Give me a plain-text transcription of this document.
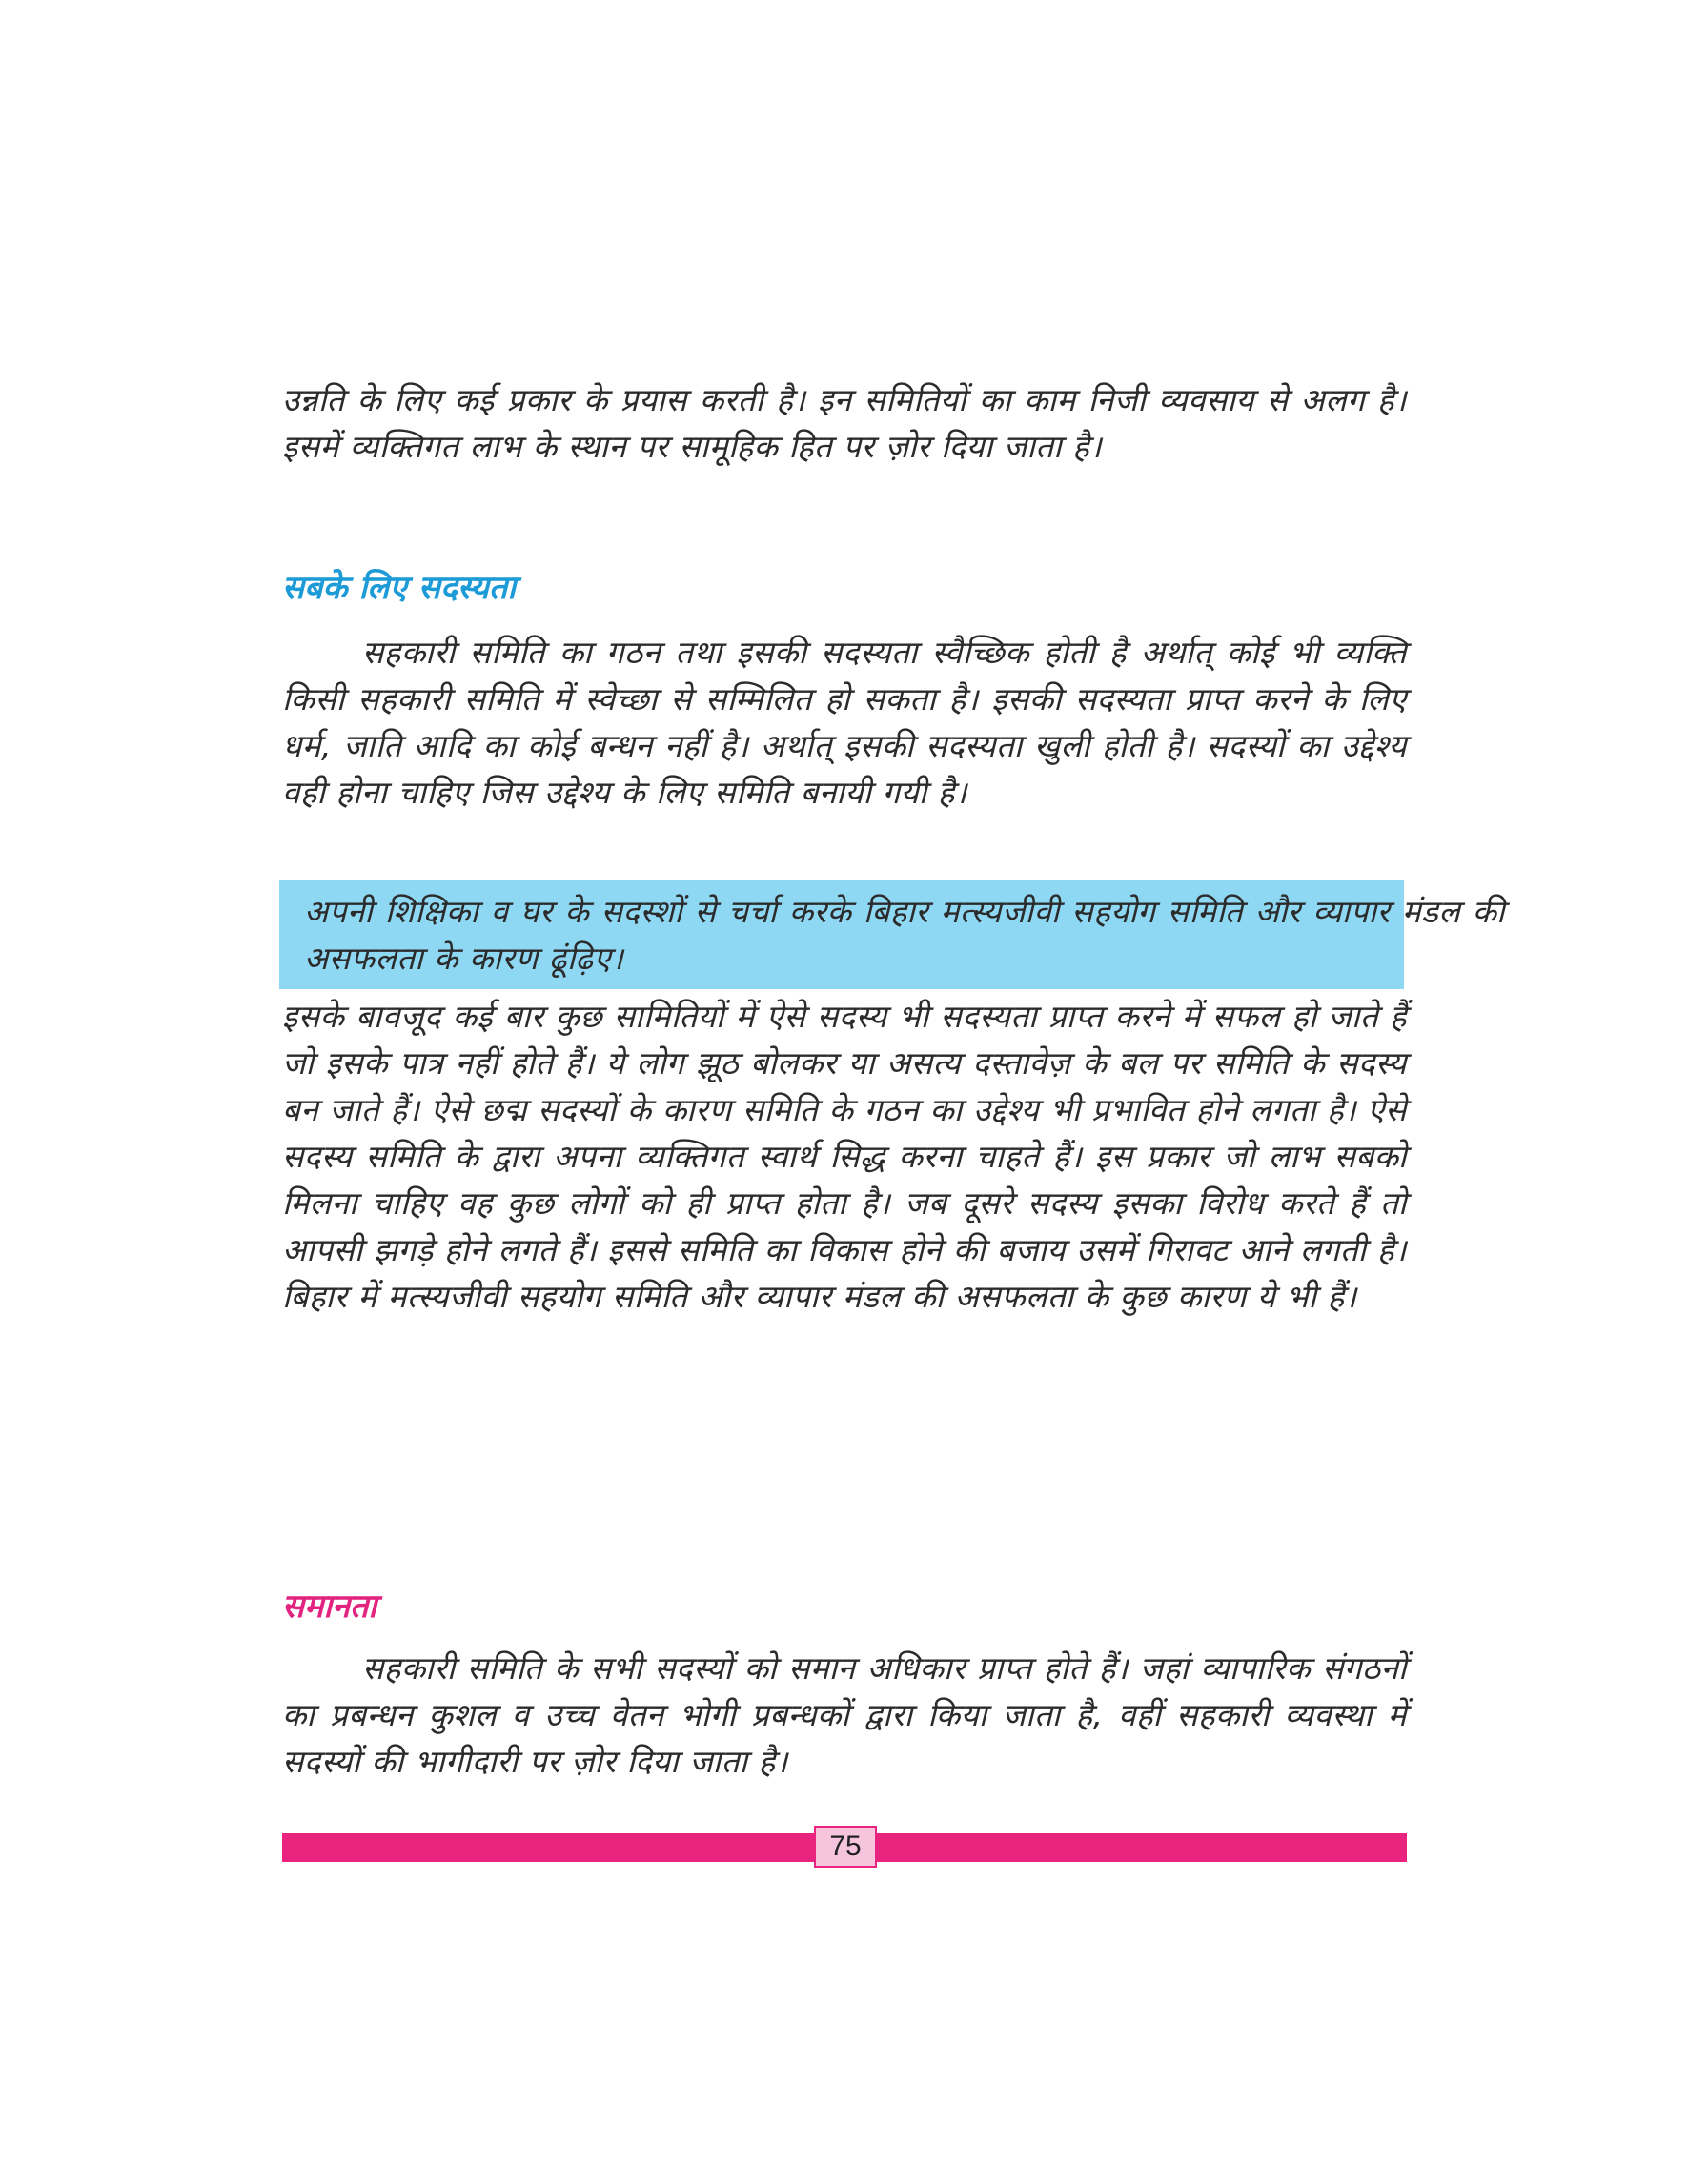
उन्नति के लिए कई प्रकार के प्रयास करती है। इन समितियों का काम निजी व्यवसाय से अलग है। इसमें व्यक्तिगत लाभ के स्थान पर सामूहिक हित पर ज़ोर दिया जाता है।

सबके लिए सदस्यता

सहकारी समिति का गठन तथा इसकी सदस्यता स्वैच्छिक होती है अर्थात् कोई भी व्यक्ति किसी सहकारी समिति में स्वेच्छा से सम्मिलित हो सकता है। इसकी सदस्यता प्राप्त करने के लिए धर्म, जाति आदि का कोई बन्धन नहीं है। अर्थात् इसकी सदस्यता खुली होती है। सदस्यों का उद्देश्य वही होना चाहिए जिस उद्देश्य के लिए समिति बनायी गयी है।

अपनी शिक्षिका व घर के सदस्शों से चर्चा करके बिहार मत्स्यजीवी सहयोग समिति और व्यापार मंडल की असफलता के कारण ढूंढ़िए।

इसके बावजूद कई बार कुछ सामितियों में ऐसे सदस्य भी सदस्यता प्राप्त करने में सफल हो जाते हैं जो इसके पात्र नहीं होते हैं। ये लोग झूठ बोलकर या असत्य दस्तावेज़ के बल पर समिति के सदस्य बन जाते हैं। ऐसे छद्म सदस्यों के कारण समिति के गठन का उद्देश्य भी प्रभावित होने लगता है। ऐसे सदस्य समिति के द्वारा अपना व्यक्तिगत स्वार्थ सिद्ध करना चाहते हैं। इस प्रकार जो लाभ सबको मिलना चाहिए वह कुछ लोगों को ही प्राप्त होता है। जब दूसरे सदस्य इसका विरोध करते हैं तो आपसी झगड़े होने लगते हैं। इससे समिति का विकास होने की बजाय उसमें गिरावट आने लगती है। बिहार में मत्स्यजीवी सहयोग समिति और व्यापार मंडल की असफलता के कुछ कारण ये भी हैं।

समानता

सहकारी समिति के सभी सदस्यों को समान अधिकार प्राप्त होते हैं। जहां व्यापारिक संगठनों का प्रबन्धन कुशल व उच्च वेतन भोगी प्रबन्धकों द्वारा किया जाता है, वहीं सहकारी व्यवस्था में सदस्यों की भागीदारी पर ज़ोर दिया जाता है।

75
